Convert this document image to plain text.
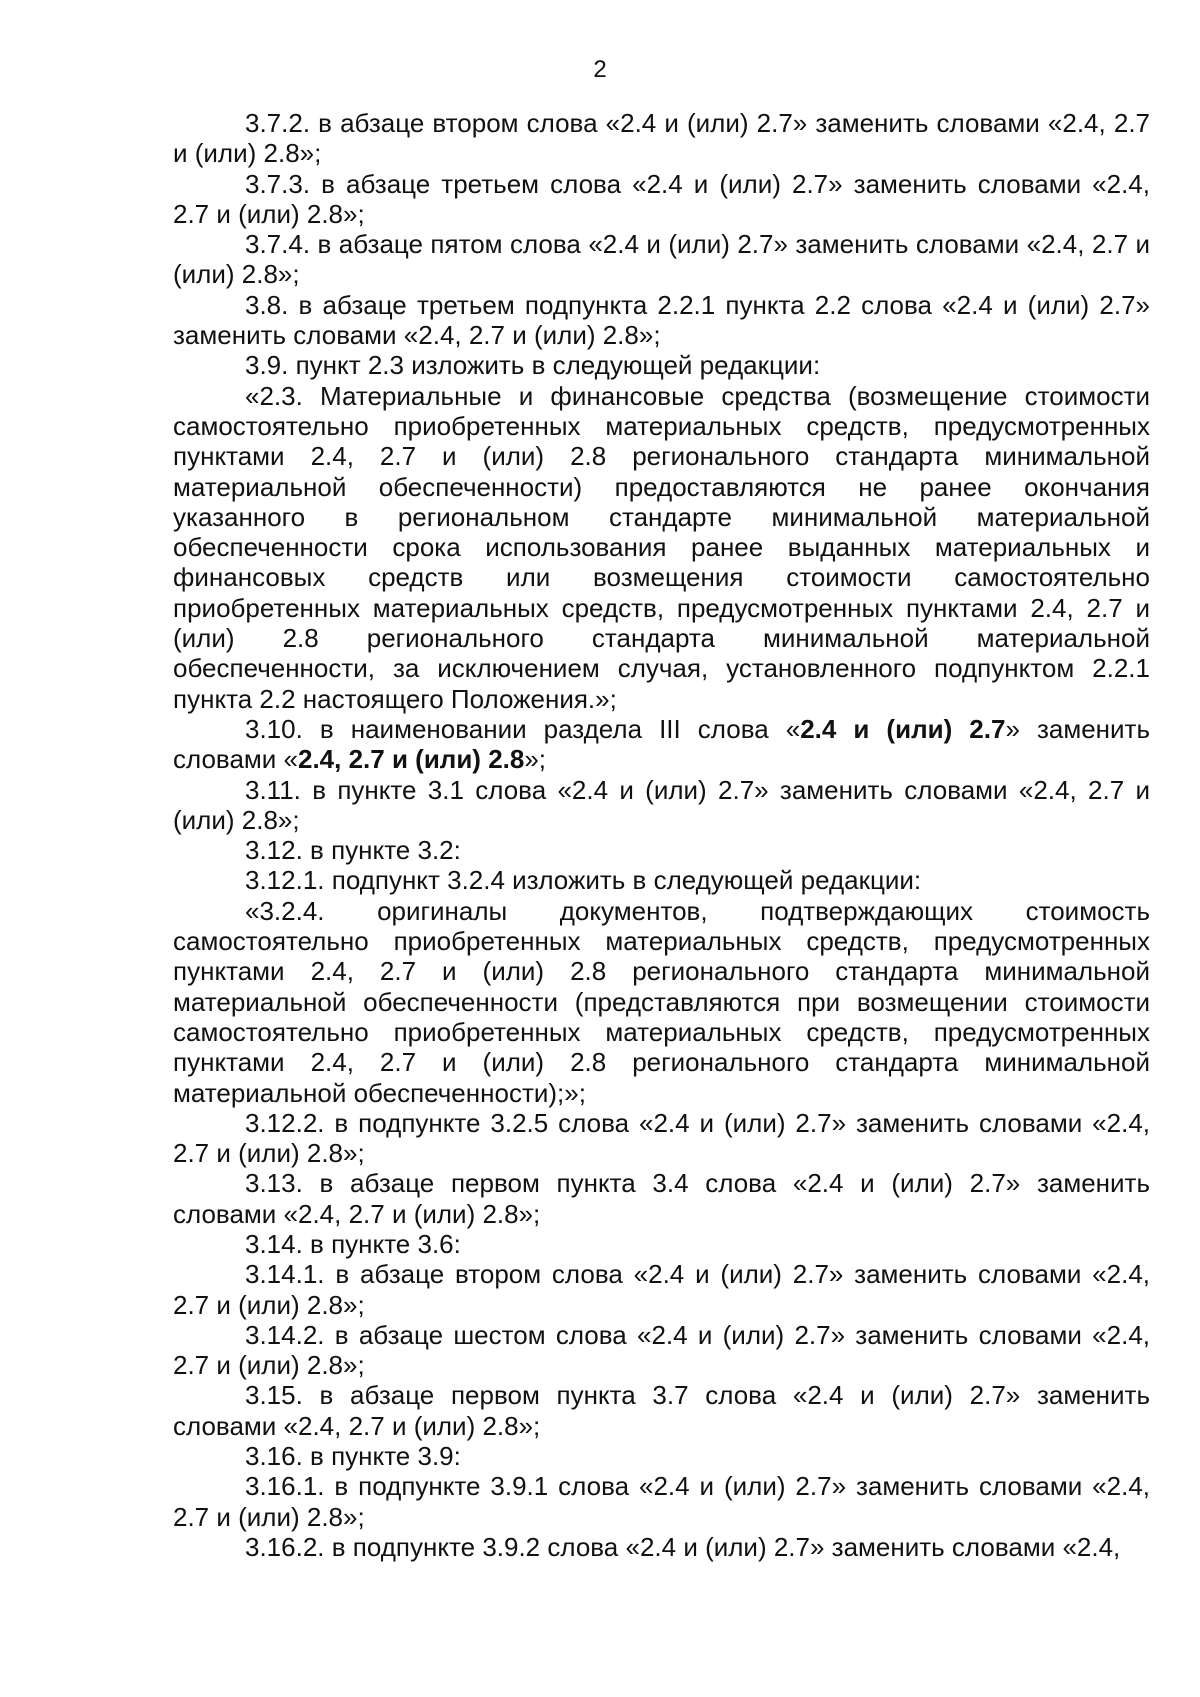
2

3.7.2. в абзаце втором слова «2.4 и (или) 2.7» заменить словами «2.4, 2.7 и (или) 2.8»;

3.7.3. в абзаце третьем слова «2.4 и (или) 2.7» заменить словами «2.4, 2.7 и (или) 2.8»;

3.7.4. в абзаце пятом слова «2.4 и (или) 2.7» заменить словами «2.4, 2.7 и (или) 2.8»;

3.8. в абзаце третьем подпункта 2.2.1 пункта 2.2 слова «2.4 и (или) 2.7» заменить словами «2.4, 2.7 и (или) 2.8»;

3.9. пункт 2.3 изложить в следующей редакции:

«2.3. Материальные и финансовые средства (возмещение стоимости самостоятельно приобретенных материальных средств, предусмотренных пунктами 2.4, 2.7 и (или) 2.8 регионального стандарта минимальной материальной обеспеченности) предоставляются не ранее окончания указанного в региональном стандарте минимальной материальной обеспеченности срока использования ранее выданных материальных и финансовых средств или возмещения стоимости самостоятельно приобретенных материальных средств, предусмотренных пунктами 2.4, 2.7 и (или) 2.8 регионального стандарта минимальной материальной обеспеченности, за исключением случая, установленного подпунктом 2.2.1 пункта 2.2 настоящего Положения.»;

3.10. в наименовании раздела III слова «2.4 и (или) 2.7» заменить словами «2.4, 2.7 и (или) 2.8»;

3.11. в пункте 3.1 слова «2.4 и (или) 2.7» заменить словами «2.4, 2.7 и (или) 2.8»;

3.12. в пункте 3.2:

3.12.1. подпункт 3.2.4 изложить в следующей редакции:

«3.2.4. оригиналы документов, подтверждающих стоимость самостоятельно приобретенных материальных средств, предусмотренных пунктами 2.4, 2.7 и (или) 2.8 регионального стандарта минимальной материальной обеспеченности (представляются при возмещении стоимости самостоятельно приобретенных материальных средств, предусмотренных пунктами 2.4, 2.7 и (или) 2.8 регионального стандарта минимальной материальной обеспеченности);»;

3.12.2. в подпункте 3.2.5 слова «2.4 и (или) 2.7» заменить словами «2.4, 2.7 и (или) 2.8»;

3.13. в абзаце первом пункта 3.4 слова «2.4 и (или) 2.7» заменить словами «2.4, 2.7 и (или) 2.8»;

3.14. в пункте 3.6:

3.14.1. в абзаце втором слова «2.4 и (или) 2.7» заменить словами «2.4, 2.7 и (или) 2.8»;

3.14.2. в абзаце шестом слова «2.4 и (или) 2.7» заменить словами «2.4, 2.7 и (или) 2.8»;

3.15. в абзаце первом пункта 3.7 слова «2.4 и (или) 2.7» заменить словами «2.4, 2.7 и (или) 2.8»;

3.16. в пункте 3.9:

3.16.1. в подпункте 3.9.1 слова «2.4 и (или) 2.7» заменить словами «2.4, 2.7 и (или) 2.8»;

3.16.2. в подпункте 3.9.2 слова «2.4 и (или) 2.7» заменить словами «2.4,
